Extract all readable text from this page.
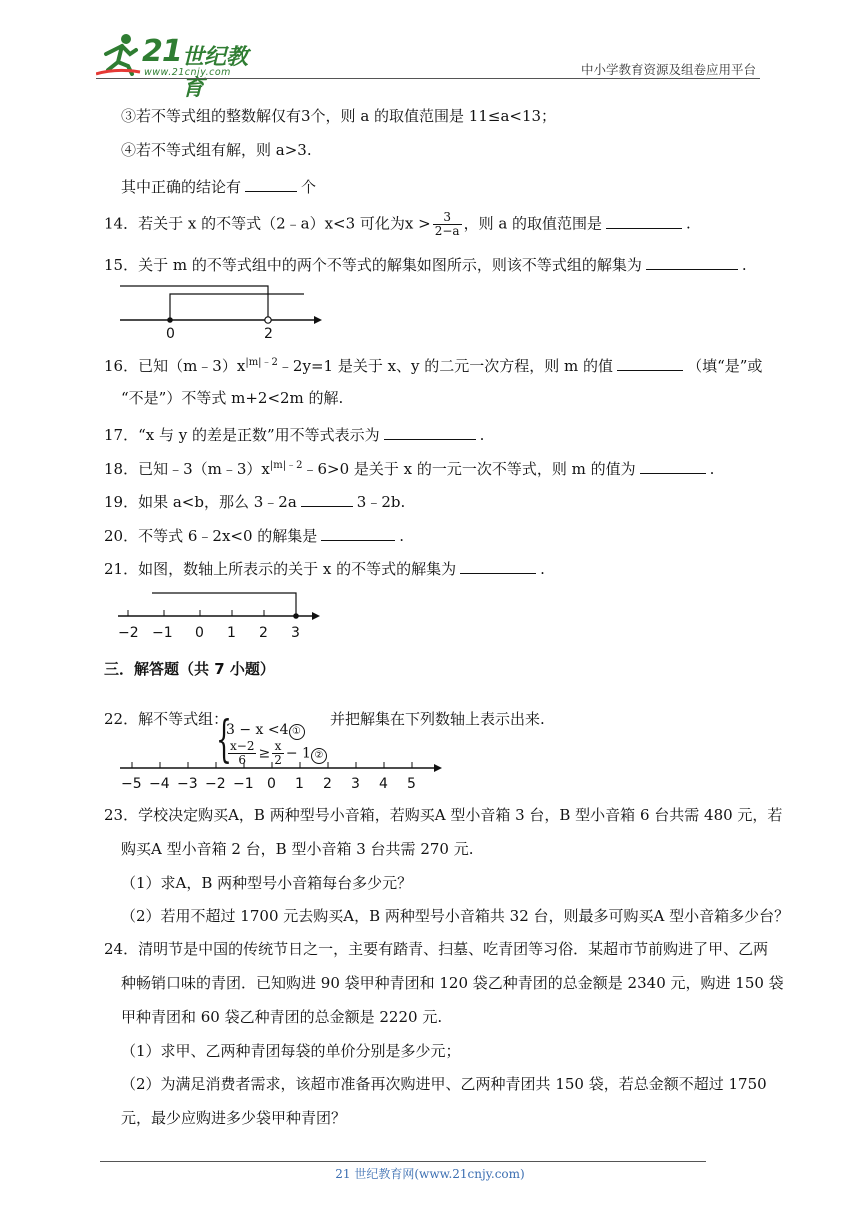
21 世纪教育
www.21cnjy.com	中小学教育资源及组卷应用平台
③若不等式组的整数解仅有3个，则 a 的取值范围是 11≤a<13；
④若不等式组有解，则 a>3.
其中正确的结论有	个
14．若关于 x 的不等式（2﹣a）x<3 可化为$x > \frac{3}{2-a}$ ，则 a 的取值范围是	.
15．关于 m 的不等式组中的两个不等式的解集如图所示，则该不等式组的解集为	.
0	2
16．已知$(m﹣3)x^{|m|﹣2}﹣2y=1$ 是关于 x、y 的二元一次方程，则 m 的值	（填“是”或
“不是”）不等式 m+2<2m 的解.
17．“x 与 y 的差是正数”用不等式表示为	.
18．已知$﹣3(m﹣3)x^{|m|﹣2}﹣6>0$ 是关于 x 的一元一次不等式，则 m 的值为	.
19．如果 a<b，那么 3﹣2a	3﹣2b.
20．不等式 6﹣2x<0 的解集是	.
21．如图，数轴上所表示的关于 x 的不等式的解集为	.
−2 −1 0 1 2 3
三．解答题（共 7 小题）
22．解不等式组：
{
3 − x <4 ①
$\frac{x-2}{6} \ge \frac{x}{2} - 1$ ②
并把解集在下列数轴上表示出来.
−5 −4 −3 −2 −1 0 1 2 3 4 5
23．学校决定购买A，B 两种型号小音箱，若购买A 型小音箱 3 台，B 型小音箱 6 台共需 480 元，若
购买A 型小音箱 2 台，B 型小音箱 3 台共需 270 元.
（1）求A，B 两种型号小音箱每台多少元？
（2）若用不超过 1700 元去购买A，B 两种型号小音箱共 32 台，则最多可购买A 型小音箱多少台？
24．清明节是中国的传统节日之一，主要有踏青、扫墓、吃青团等习俗．某超市节前购进了甲、乙两
种畅销口味的青团．已知购进 90 袋甲种青团和 120 袋乙种青团的总金额是 2340 元，购进 150 袋
甲种青团和 60 袋乙种青团的总金额是 2220 元.
（1）求甲、乙两种青团每袋的单价分别是多少元；
（2）为满足消费者需求，该超市准备再次购进甲、乙两种青团共 150 袋，若总金额不超过 1750
元，最少应购进多少袋甲种青团？
21 世纪教育网(www.21cnjy.com)
